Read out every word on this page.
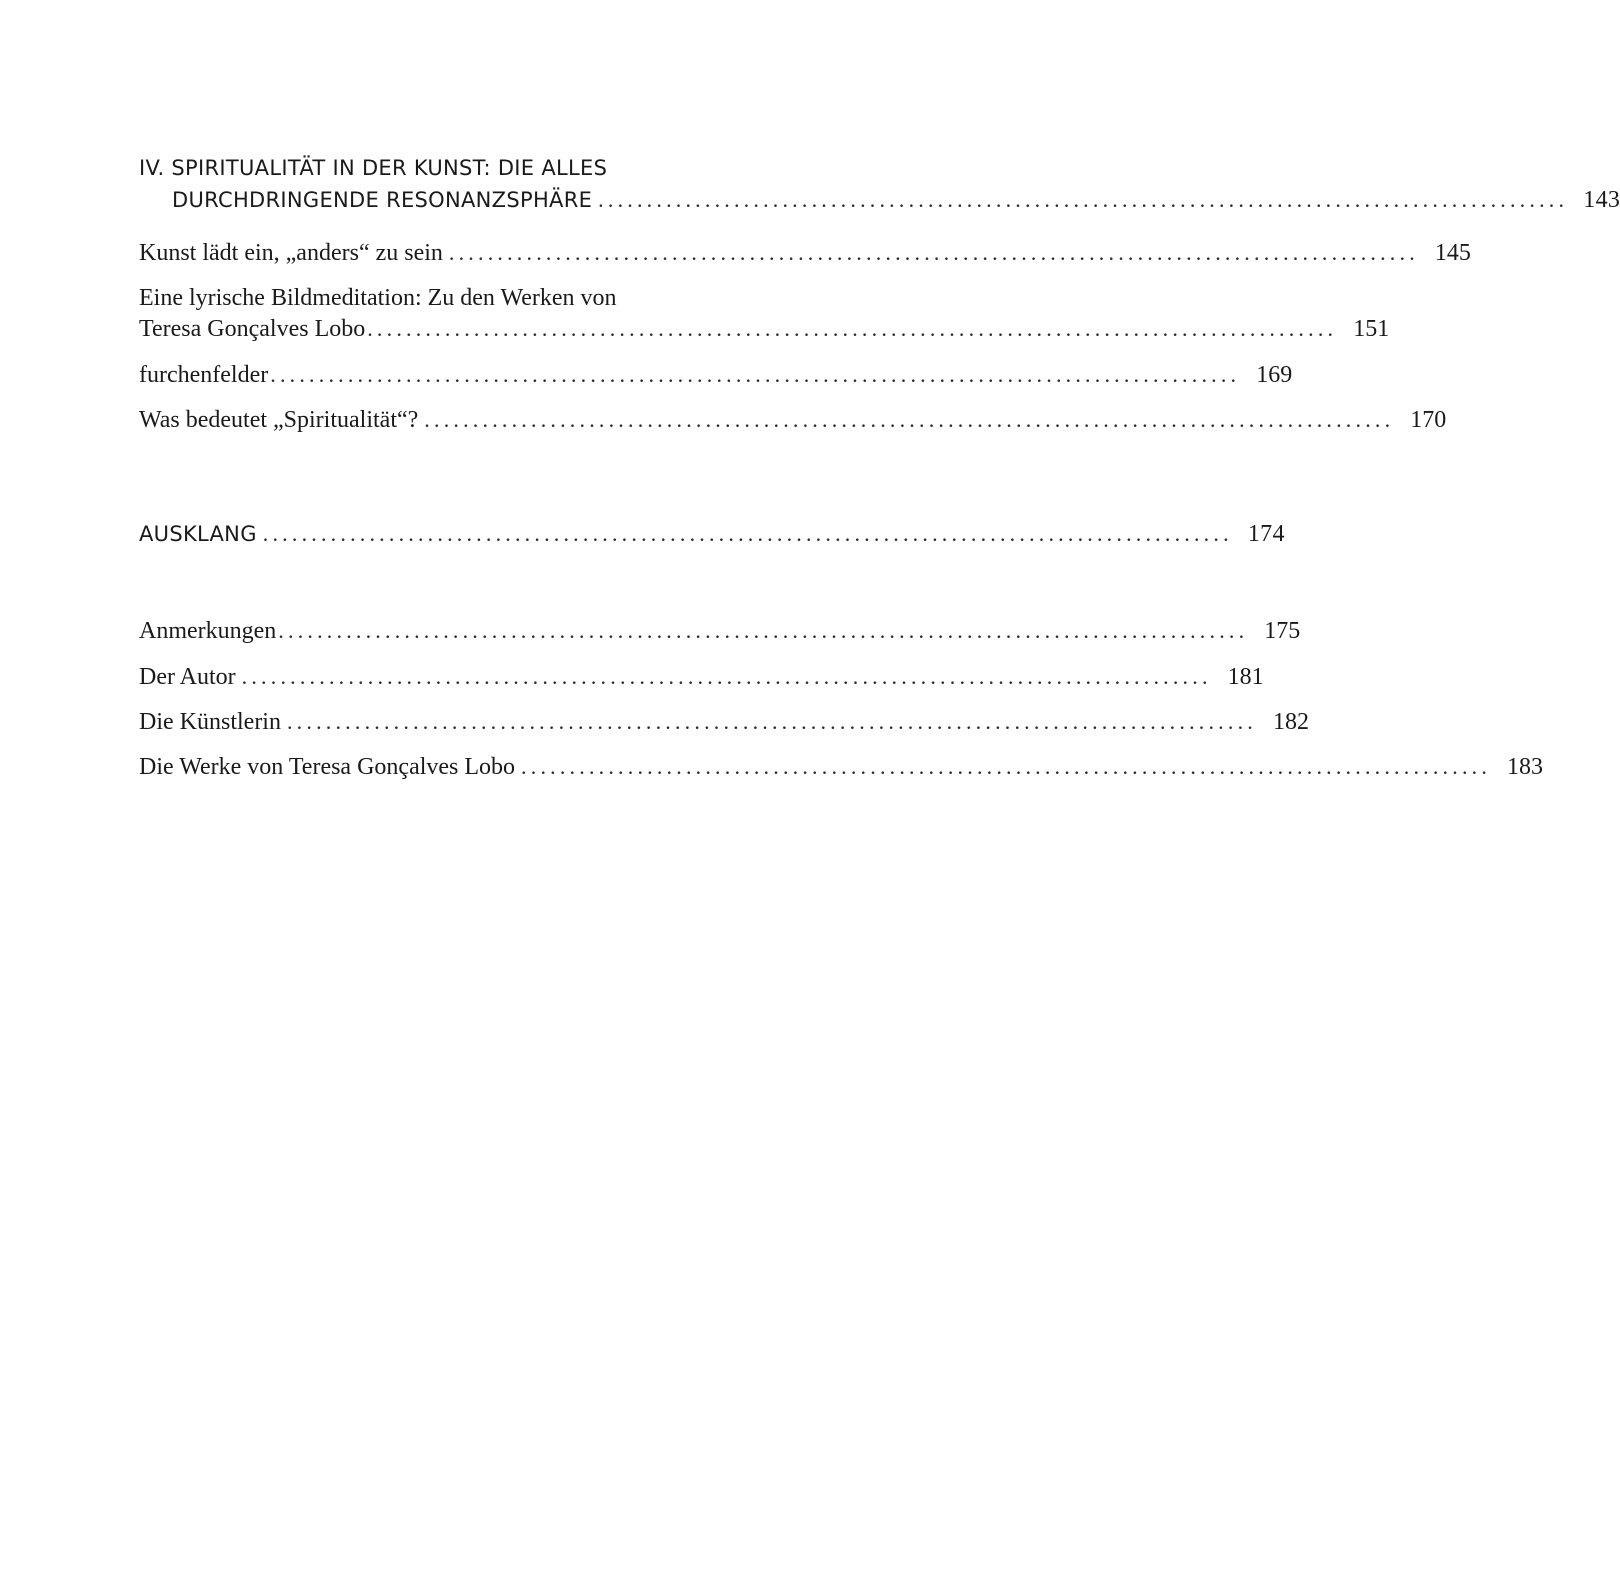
IV. SPIRITUALITÄT IN DER KUNST: DIE ALLES
DURCHDRINGENDE RESONANZSPHÄRE .................................................................................................... 143
Kunst lädt ein, „anders“ zu sein .................................................................................................... 145
Eine lyrische Bildmeditation: Zu den Werken von
Teresa Gonçalves Lobo .................................................................................................... 151
furchenfelder .................................................................................................... 169
Was bedeutet „Spiritualität“? .................................................................................................... 170
AUSKLANG .................................................................................................... 174
Anmerkungen .................................................................................................... 175
Der Autor .................................................................................................... 181
Die Künstlerin .................................................................................................... 182
Die Werke von Teresa Gonçalves Lobo .................................................................................................... 183
